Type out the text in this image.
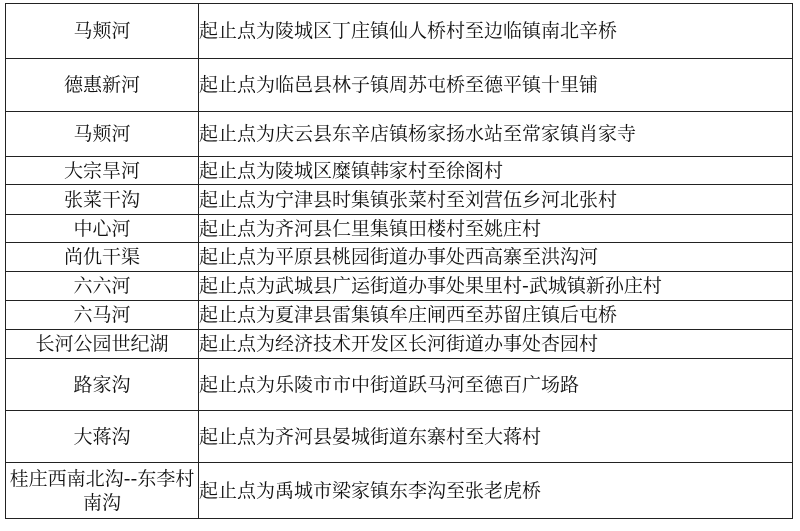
马颊河	起止点为陵城区丁庄镇仙人桥村至边临镇南北辛桥
德惠新河	起止点为临邑县林子镇周苏屯桥至德平镇十里铺
马颊河	起止点为庆云县东辛店镇杨家扬水站至常家镇肖家寺
大宗旱河	起止点为陵城区糜镇韩家村至徐阁村
张菜干沟	起止点为宁津县时集镇张菜村至刘营伍乡河北张村
中心河	起止点为齐河县仁里集镇田楼村至姚庄村
尚仇干渠	起止点为平原县桃园街道办事处西高寨至洪沟河
六六河	起止点为武城县广运街道办事处果里村-武城镇新孙庄村
六马河	起止点为夏津县雷集镇牟庄闸西至苏留庄镇后屯桥
长河公园世纪湖	起止点为经济技术开发区长河街道办事处杏园村
路家沟	起止点为乐陵市市中街道跃马河至德百广场路
大蒋沟	起止点为齐河县晏城街道东寨村至大蒋村
桂庄西南北沟--东李村南沟	起止点为禹城市梁家镇东李沟至张老虎桥
